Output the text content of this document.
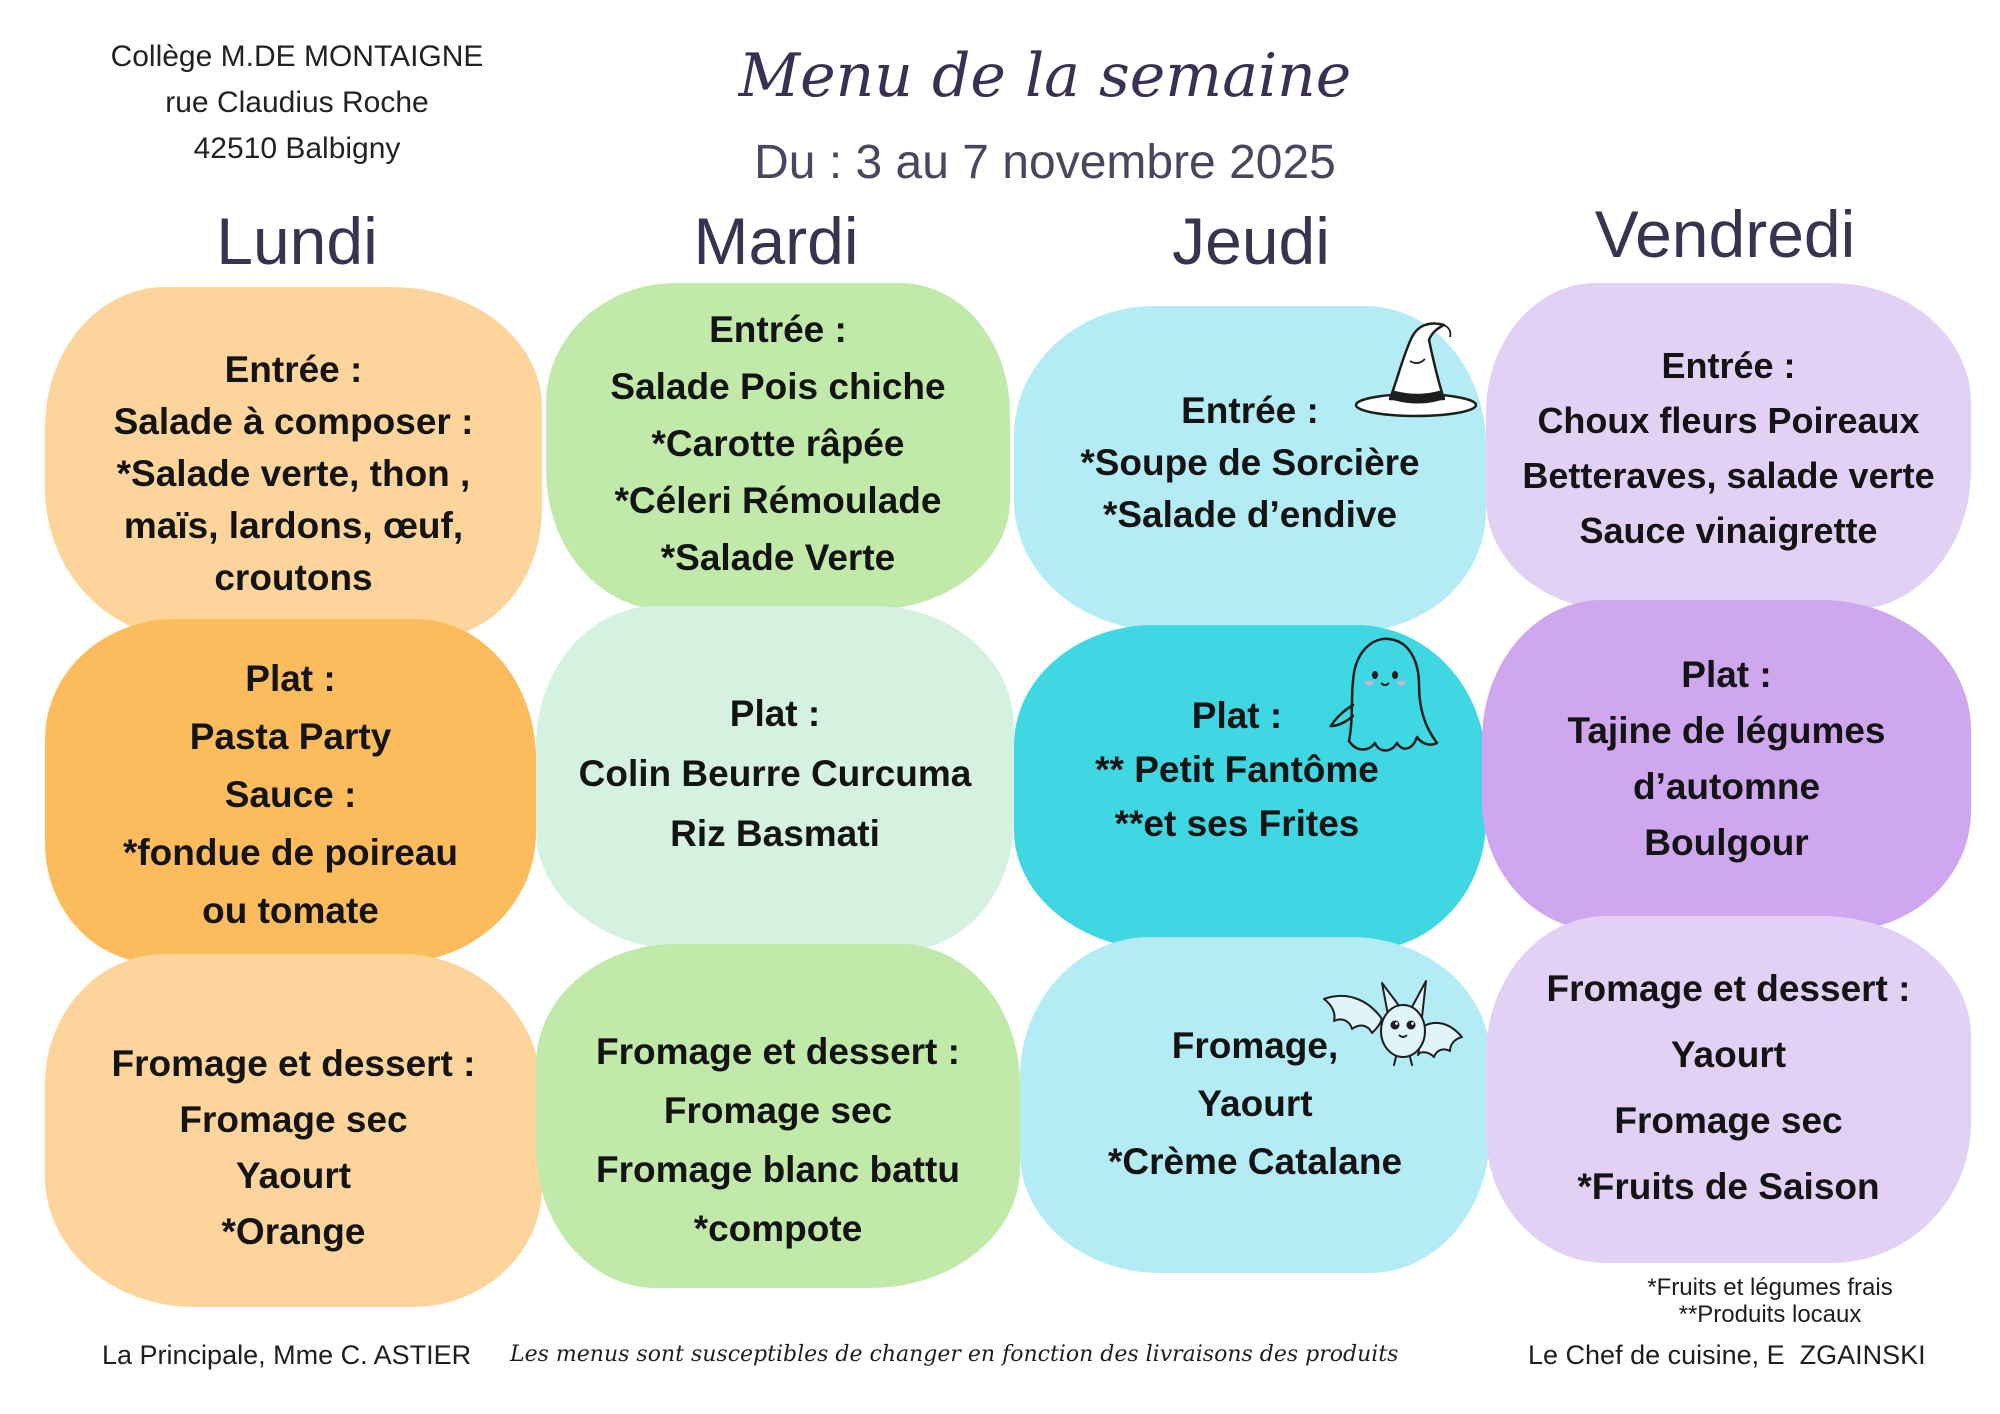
Collège M.DE MONTAIGNE
rue Claudius Roche
42510 Balbigny
Menu de la semaine
Du : 3 au 7 novembre 2025
Lundi	Mardi	Jeudi	Vendredi
Entrée :
Salade à composer :
*Salade verte, thon ,
maïs, lardons, œuf,
croutons
Entrée :
Salade Pois chiche
*Carotte râpée
*Céleri Rémoulade
*Salade Verte
Entrée :
*Soupe de Sorcière
*Salade d’endive
Entrée :
Choux fleurs Poireaux
Betteraves, salade verte
Sauce vinaigrette
Plat :
Pasta Party
Sauce :
*fondue de poireau
ou tomate
Plat :
Colin Beurre Curcuma
Riz Basmati
Plat :
** Petit Fantôme
**et ses Frites
Plat :
Tajine de légumes
d’automne
Boulgour
Fromage et dessert :
Fromage sec
Yaourt
*Orange
Fromage et dessert :
Fromage sec
Fromage blanc battu
*compote
Fromage,
Yaourt
*Crème Catalane
Fromage et dessert :
Yaourt
Fromage sec
*Fruits de Saison
*Fruits et légumes frais
**Produits locaux
La Principale, Mme C. ASTIER Les menus sont susceptibles de changer en fonction des livraisons des produits	Le Chef de cuisine, E  ZGAINSKI
